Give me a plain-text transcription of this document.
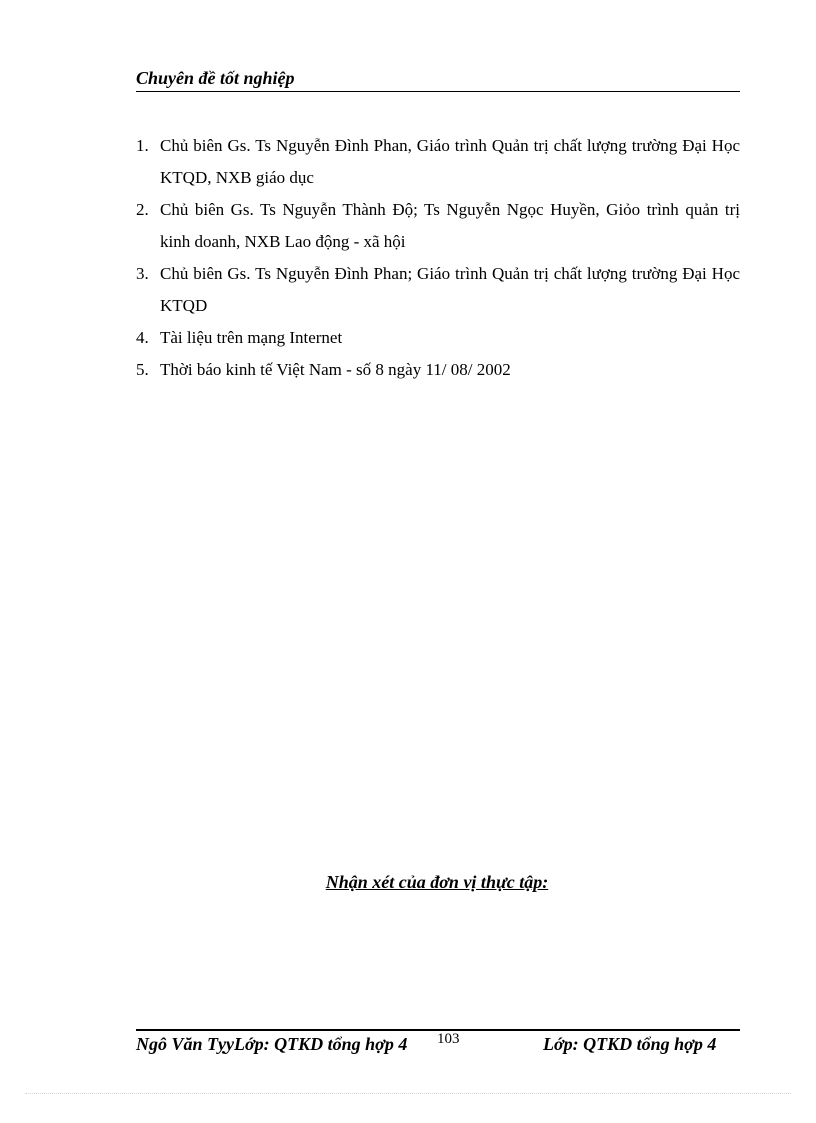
Chuyên đề tốt nghiệp
1. Chủ biên Gs. Ts Nguyễn Đình Phan, Giáo trình Quản trị chất lượng trường Đại Học KTQD, NXB giáo dục
2. Chủ biên Gs. Ts Nguyễn Thành Độ; Ts Nguyễn Ngọc Huyền, Giỏo trình quản trị kinh doanh, NXB Lao động - xã hội
3. Chủ biên Gs. Ts Nguyễn Đình Phan; Giáo trình Quản trị chất lượng trường Đại Học KTQD
4. Tài liệu trên mạng Internet
5. Thời báo kinh tế Việt Nam - số 8 ngày 11/ 08/ 2002
Nhận xét của đơn vị thực tập:
Ngô Văn TỵyLớp: QTKD tổng hợp 4 103	Lớp: QTKD tổng hợp 4
